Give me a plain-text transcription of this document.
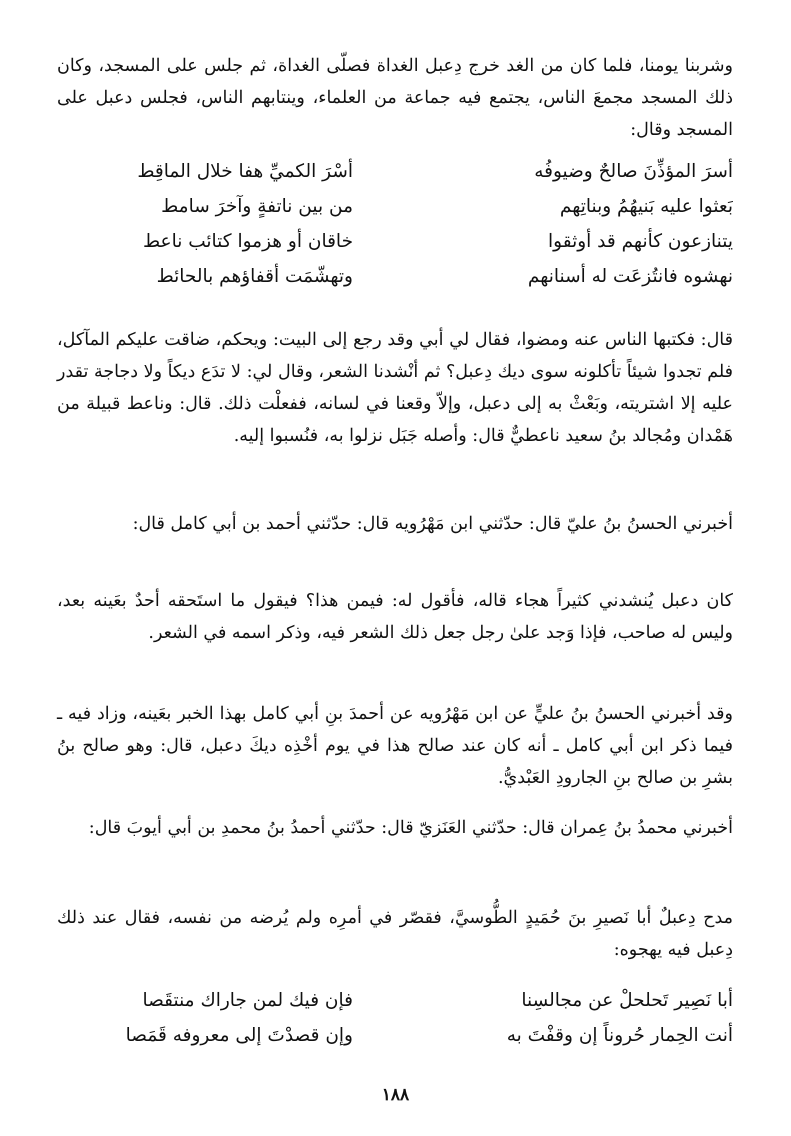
وشربنا يومنا، فلما كان من الغد خرج دِعبل الغداة فصلّى الغداة، ثم جلس على المسجد، وكان ذلك المسجد مجمعَ الناس، يجتمع فيه جماعة من العلماء، وينتابهم الناس، فجلس دعبل على المسجد وقال:

أسرَ المؤذِّنَ صالحٌ وضيوفُه
أسْرَ الكميِّ هفا خلال الماقِط
بَعثوا عليه بَنيهُمُ وبناتِهم
من بين ناتفةٍ وآخرَ سامط
يتنازعون كأنهم قد أوثقوا
خاقان أو هزموا كتائب ناعط
نهشوه فانتُزعَت له أسنانهم
وتهشّمَت أقفاؤهم بالحائط

قال: فكتبها الناس عنه ومضوا، فقال لي أبي وقد رجع إلى البيت: ويحكم، ضاقت عليكم المآكل، فلم تجدوا شيئاً تأكلونه سوى ديك دِعبل؟ ثم أنْشدنا الشعر، وقال لي: لا تدَع ديكاً ولا دجاجة تقدر عليه إلا اشتريته، وبَعْثْ به إلى دعبل، وإلاّ وقعنا في لسانه، ففعلْت ذلك. قال: وناعط قبيلة من هَمْدان ومُجالد بنُ سعيد ناعطيٌّ قال: وأصله جَبَل نزلوا به، فنُسبوا إليه.

أخبرني الحسنُ بنُ عليّ قال: حدّثني ابن مَهْرُويه قال: حدّثني أحمد بن أبي كامل قال:

كان دعبل يُنشدني كثيراً هجاء قاله، فأقول له: فيمن هذا؟ فيقول ما استَحقه أحدٌ بعَينه بعد، وليس له صاحب، فإذا وَجد علىٰ رجل جعل ذلك الشعر فيه، وذكر اسمه في الشعر.

وقد أخبرني الحسنُ بنُ عليٍّ عن ابن مَهْرُويه عن أحمدَ بنِ أبي كامل بهذا الخبر بعَينه، وزاد فيه ـ فيما ذكر ابن أبي كامل ـ أنه كان عند صالح هذا في يوم أخْذِه ديكَ دعبل، قال: وهو صالح بنُ بشرِ بن صالح بنِ الجارودِ العَبْديُّ.

أخبرني محمدُ بنُ عِمران قال: حدّثني العَنَزيّ قال: حدّثني أحمدُ بنُ محمدِ بن أبي أيوبَ قال:

مدح دِعبلٌ أبا نَصيرِ بنَ حُمَيدٍ الطُّوسيَّ، فقصّر في أمرِه ولم يُرضه من نفسه، فقال عند ذلك دِعبل فيه يهجوه:

أبا نَصِير تَحلحلْ عن مجالسِنا
فإن فيك لمن جاراك منتقَصا
أنت الحِمار حُروناً إن وقفْتَ به
وإن قصدْتَ إلى معروفه قَمَصا
١٨٨
